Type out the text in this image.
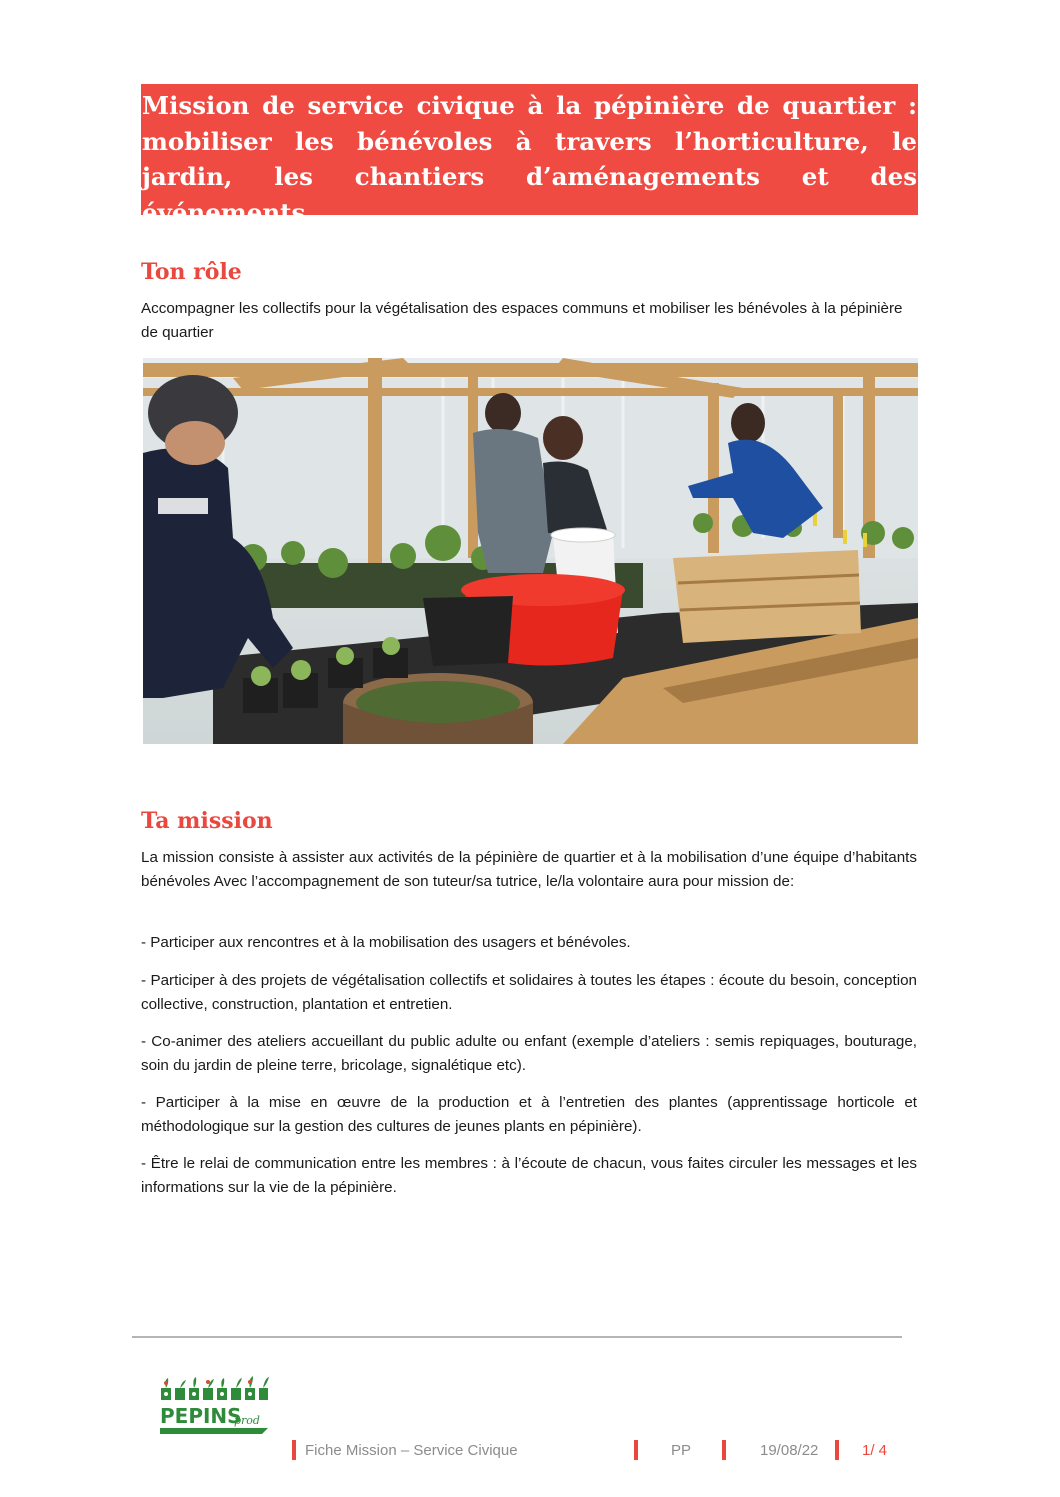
Mission de service civique à la pépinière de quartier : mobiliser les bénévoles à travers l’horticulture, le jardin, les chantiers d’aménagements et des événements.
Ton rôle

Accompagner les collectifs pour la végétalisation des espaces communs et mobiliser les bénévoles à la pépinière de quartier

Ta mission

La mission consiste à assister aux activités de la pépinière de quartier et à la mobilisation d’une équipe d’habitants bénévoles Avec l’accompagnement de son tuteur/sa tutrice, le/la volontaire aura pour mission de:

- Participer aux rencontres et à la mobilisation des usagers et bénévoles.

- Participer à des projets de végétalisation collectifs et solidaires à toutes les étapes : écoute du besoin, conception collective, construction, plantation et entretien.

- Co-animer des ateliers accueillant du public adulte ou enfant (exemple d’ateliers : semis repiquages, bouturage, soin du jardin de pleine terre, bricolage, signalétique etc).

- Participer à la mise en œuvre de la production et à l’entretien des plantes (apprentissage horticole et méthodologique sur la gestion des cultures de jeunes plants en pépinière).

- Être le relai de communication entre les membres : à l’écoute de chacun, vous faites circuler les messages et les informations sur la vie de la pépinière.

PEPINS
prod
Fiche Mission – Service Civique	PP	19/08/22	1/ 4
